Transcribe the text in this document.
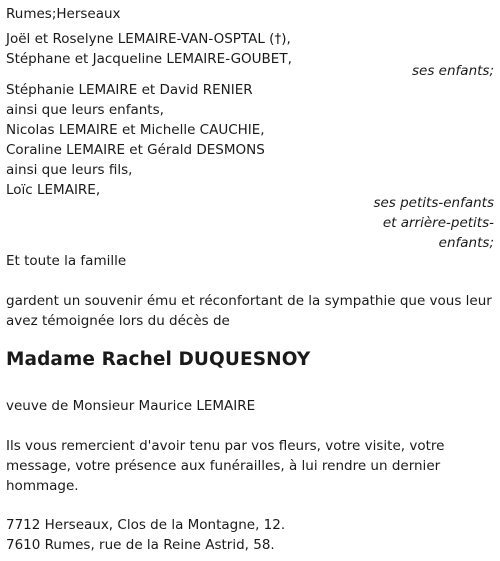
Rumes;Herseaux
Joël et Roselyne LEMAIRE-VAN-OSPTAL (†),
Stéphane et Jacqueline LEMAIRE-GOUBET,
ses enfants;
Stéphanie LEMAIRE et David RENIER
ainsi que leurs enfants,
Nicolas LEMAIRE et Michelle CAUCHIE,
Coraline LEMAIRE et Gérald DESMONS
ainsi que leurs fils,
Loïc LEMAIRE,
ses petits-enfants
et arrière-petits-
enfants;
Et toute la famille
gardent un souvenir ému et réconfortant de la sympathie que vous leur
avez témoignée lors du décès de
Madame Rachel DUQUESNOY
veuve de Monsieur Maurice LEMAIRE
Ils vous remercient d'avoir tenu par vos fleurs, votre visite, votre
message, votre présence aux funérailles, à lui rendre un dernier
hommage.
7712 Herseaux, Clos de la Montagne, 12.
7610 Rumes, rue de la Reine Astrid, 58.
